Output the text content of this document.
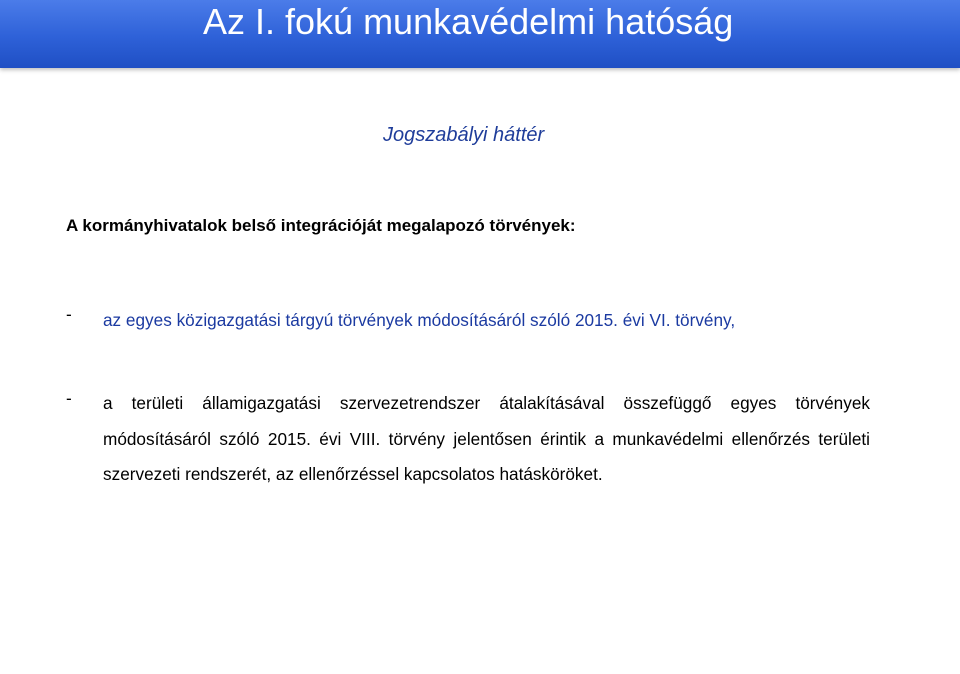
Az I. fokú munkavédelmi hatóság
Jogszabályi háttér
A kormányhivatalok belső integrációját megalapozó törvények:
-	az egyes közigazgatási tárgyú törvények módosításáról szóló 2015. évi VI. törvény,
-	a területi államigazgatási szervezetrendszer átalakításával összefüggő egyes törvények módosításáról szóló 2015. évi VIII. törvény jelentősen érintik a munkavédelmi ellenőrzés területi szervezeti rendszerét, az ellenőrzéssel kapcsolatos hatásköröket.
